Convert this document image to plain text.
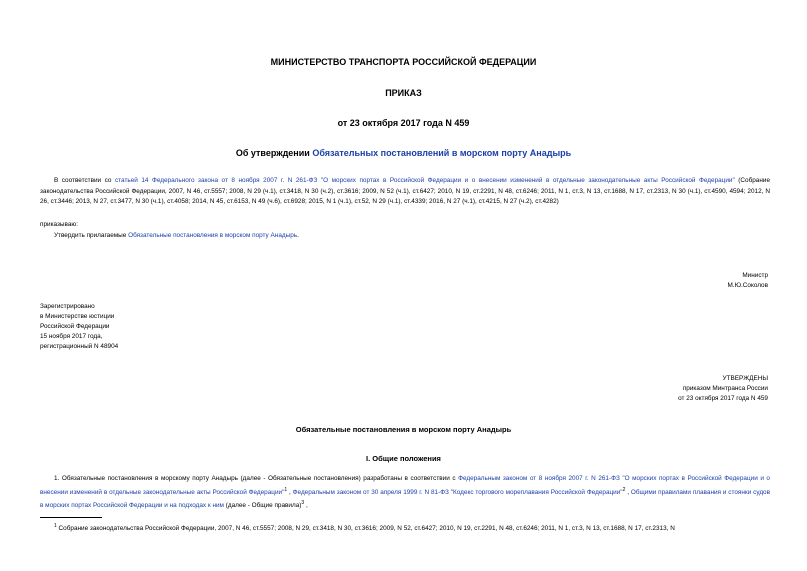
МИНИСТЕРСТВО ТРАНСПОРТА РОССИЙСКОЙ ФЕДЕРАЦИИ
ПРИКАЗ
от 23 октября 2017 года N 459
Об утверждении Обязательных постановлений в морском порту Анадырь
В соответствии со статьей 14 Федерального закона от 8 ноября 2007 г. N 261-ФЗ "О морских портах в Российской Федерации и о внесении изменений в отдельные законодательные акты Российской Федерации" (Собрание законодательства Российской Федерации, 2007, N 46, ст.5557; 2008, N 29 (ч.1), ст.3418, N 30 (ч.2), ст.3616; 2009, N 52 (ч.1), ст.6427; 2010, N 19, ст.2291, N 48, ст.6246; 2011, N 1, ст.3, N 13, ст.1688, N 17, ст.2313, N 30 (ч.1), ст.4590, 4594; 2012, N 26, ст.3446; 2013, N 27, ст.3477, N 30 (ч.1), ст.4058; 2014, N 45, ст.6153, N 49 (ч.6), ст.6928; 2015, N 1 (ч.1), ст.52, N 29 (ч.1), ст.4339; 2016, N 27 (ч.1), ст.4215, N 27 (ч.2), ст.4282)
приказываю:
Утвердить прилагаемые Обязательные постановления в морском порту Анадырь.
Министр
М.Ю.Соколов
Зарегистрировано
в Министерстве юстиции
Российской Федерации
15 ноября 2017 года,
регистрационный N 48904
УТВЕРЖДЕНЫ
приказом Минтранса России
от 23 октября 2017 года N 459
Обязательные постановления в морском порту Анадырь
I. Общие положения
1. Обязательные постановления в морскому порту Анадырь (далее - Обязательные постановления) разработаны в соответствии с Федеральным законом от 8 ноября 2007 г. N 261-ФЗ "О морских портах в Российской Федерации и о внесении изменений в отдельные законодательные акты Российской Федерации"$^1$ , Федеральным законом от 30 апреля 1999 г. N 81-ФЗ "Кодекс торгового мореплавания Российской Федерации"$^2$ , Общими правилами плавания и стоянки судов в морских портах Российской Федерации и на подходах к ним (далее - Общие правила)$^3$ ,
$^1$ Собрание законодательства Российской Федерации, 2007, N 46, ст.5557; 2008, N 29, ст.3418, N 30, ст.3616; 2009, N 52, ст.6427; 2010, N 19, ст.2291, N 48, ст.6246; 2011, N 1, ст.3, N 13, ст.1688, N 17, ст.2313, N
